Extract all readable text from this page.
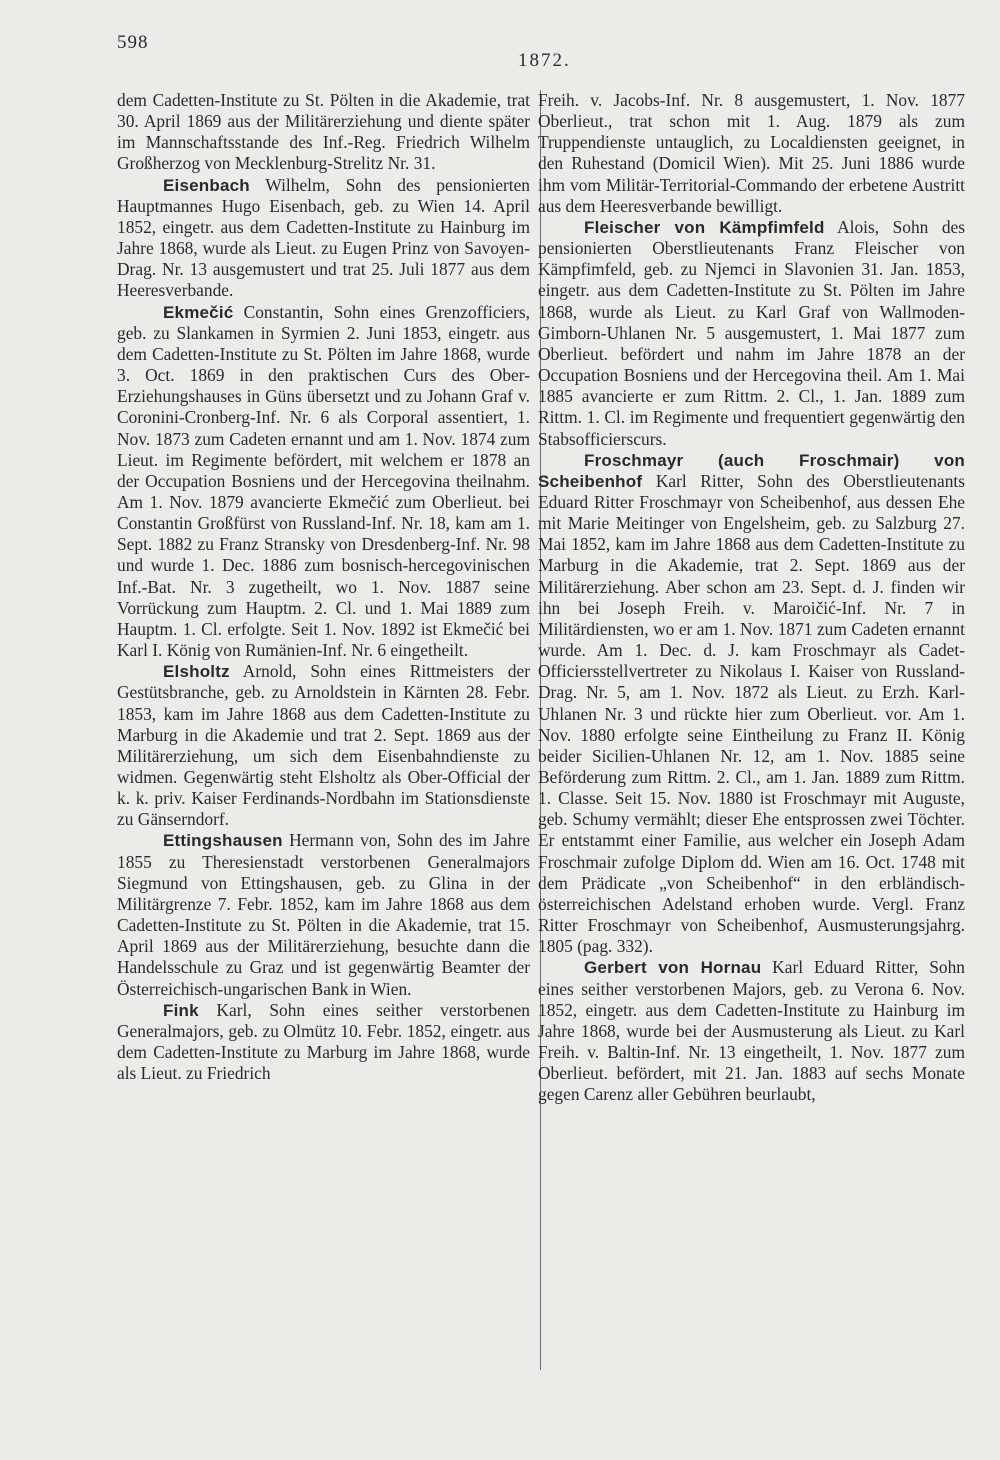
598
1872.

dem Cadetten-Institute zu St. Pölten in die Akademie, trat 30. April 1869 aus der Militärerziehung und diente später im Mannschaftsstande des Inf.-Reg. Friedrich Wilhelm Großherzog von Mecklenburg-Strelitz Nr. 31.

Eisenbach Wilhelm, Sohn des pensionierten Hauptmannes Hugo Eisenbach, geb. zu Wien 14. April 1852, eingetr. aus dem Cadetten-Institute zu Hainburg im Jahre 1868, wurde als Lieut. zu Eugen Prinz von Savoyen-Drag. Nr. 13 ausgemustert und trat 25. Juli 1877 aus dem Heeresverbande.

Ekmečić Constantin, Sohn eines Grenzofficiers, geb. zu Slankamen in Syrmien 2. Juni 1853, eingetr. aus dem Cadetten-Institute zu St. Pölten im Jahre 1868, wurde 3. Oct. 1869 in den praktischen Curs des Ober-Erziehungshauses in Güns übersetzt und zu Johann Graf v. Coronini-Cronberg-Inf. Nr. 6 als Corporal assentiert, 1. Nov. 1873 zum Cadeten ernannt und am 1. Nov. 1874 zum Lieut. im Regimente befördert, mit welchem er 1878 an der Occupation Bosniens und der Hercegovina theilnahm. Am 1. Nov. 1879 avancierte Ekmečić zum Oberlieut. bei Constantin Großfürst von Russland-Inf. Nr. 18, kam am 1. Sept. 1882 zu Franz Stransky von Dresdenberg-Inf. Nr. 98 und wurde 1. Dec. 1886 zum bosnisch-hercegovinischen Inf.-Bat. Nr. 3 zugetheilt, wo 1. Nov. 1887 seine Vorrückung zum Hauptm. 2. Cl. und 1. Mai 1889 zum Hauptm. 1. Cl. erfolgte. Seit 1. Nov. 1892 ist Ekmečić bei Karl I. König von Rumänien-Inf. Nr. 6 eingetheilt.

Elsholtz Arnold, Sohn eines Rittmeisters der Gestütsbranche, geb. zu Arnoldstein in Kärnten 28. Febr. 1853, kam im Jahre 1868 aus dem Cadetten-Institute zu Marburg in die Akademie und trat 2. Sept. 1869 aus der Militärerziehung, um sich dem Eisenbahndienste zu widmen. Gegenwärtig steht Elsholtz als Ober-Official der k. k. priv. Kaiser Ferdinands-Nordbahn im Stationsdienste zu Gänserndorf.

Ettingshausen Hermann von, Sohn des im Jahre 1855 zu Theresienstadt verstorbenen Generalmajors Siegmund von Ettingshausen, geb. zu Glina in der Militärgrenze 7. Febr. 1852, kam im Jahre 1868 aus dem Cadetten-Institute zu St. Pölten in die Akademie, trat 15. April 1869 aus der Militärerziehung, besuchte dann die Handelsschule zu Graz und ist gegenwärtig Beamter der Österreichisch-ungarischen Bank in Wien.

Fink Karl, Sohn eines seither verstorbenen Generalmajors, geb. zu Olmütz 10. Febr. 1852, eingetr. aus dem Cadetten-Institute zu Marburg im Jahre 1868, wurde als Lieut. zu Friedrich

Freih. v. Jacobs-Inf. Nr. 8 ausgemustert, 1. Nov. 1877 Oberlieut., trat schon mit 1. Aug. 1879 als zum Truppendienste untauglich, zu Localdiensten geeignet, in den Ruhestand (Domicil Wien). Mit 25. Juni 1886 wurde ihm vom Militär-Territorial-Commando der erbetene Austritt aus dem Heeresverbande bewilligt.

Fleischer von Kämpfimfeld Alois, Sohn des pensionierten Oberstlieutenants Franz Fleischer von Kämpfimfeld, geb. zu Njemci in Slavonien 31. Jan. 1853, eingetr. aus dem Cadetten-Institute zu St. Pölten im Jahre 1868, wurde als Lieut. zu Karl Graf von Wallmoden-Gimborn-Uhlanen Nr. 5 ausgemustert, 1. Mai 1877 zum Oberlieut. befördert und nahm im Jahre 1878 an der Occupation Bosniens und der Hercegovina theil. Am 1. Mai 1885 avancierte er zum Rittm. 2. Cl., 1. Jan. 1889 zum Rittm. 1. Cl. im Regimente und frequentiert gegenwärtig den Stabsofficierscurs.

Froschmayr (auch Froschmair) von Scheibenhof Karl Ritter, Sohn des Oberstlieutenants Eduard Ritter Froschmayr von Scheibenhof, aus dessen Ehe mit Marie Meitinger von Engelsheim, geb. zu Salzburg 27. Mai 1852, kam im Jahre 1868 aus dem Cadetten-Institute zu Marburg in die Akademie, trat 2. Sept. 1869 aus der Militärerziehung. Aber schon am 23. Sept. d. J. finden wir ihn bei Joseph Freih. v. Maroičić-Inf. Nr. 7 in Militärdiensten, wo er am 1. Nov. 1871 zum Cadeten ernannt wurde. Am 1. Dec. d. J. kam Froschmayr als Cadet-Officiersstellvertreter zu Nikolaus I. Kaiser von Russland-Drag. Nr. 5, am 1. Nov. 1872 als Lieut. zu Erzh. Karl-Uhlanen Nr. 3 und rückte hier zum Oberlieut. vor. Am 1. Nov. 1880 erfolgte seine Eintheilung zu Franz II. König beider Sicilien-Uhlanen Nr. 12, am 1. Nov. 1885 seine Beförderung zum Rittm. 2. Cl., am 1. Jan. 1889 zum Rittm. 1. Classe. Seit 15. Nov. 1880 ist Froschmayr mit Auguste, geb. Schumy vermählt; dieser Ehe entsprossen zwei Töchter. Er entstammt einer Familie, aus welcher ein Joseph Adam Froschmair zufolge Diplom dd. Wien am 16. Oct. 1748 mit dem Prädicate „von Scheibenhof“ in den erbländisch-österreichischen Adelstand erhoben wurde. Vergl. Franz Ritter Froschmayr von Scheibenhof, Ausmusterungsjahrg. 1805 (pag. 332).

Gerbert von Hornau Karl Eduard Ritter, Sohn eines seither verstorbenen Majors, geb. zu Verona 6. Nov. 1852, eingetr. aus dem Cadetten-Institute zu Hainburg im Jahre 1868, wurde bei der Ausmusterung als Lieut. zu Karl Freih. v. Baltin-Inf. Nr. 13 eingetheilt, 1. Nov. 1877 zum Oberlieut. befördert, mit 21. Jan. 1883 auf sechs Monate gegen Carenz aller Gebühren beurlaubt,
